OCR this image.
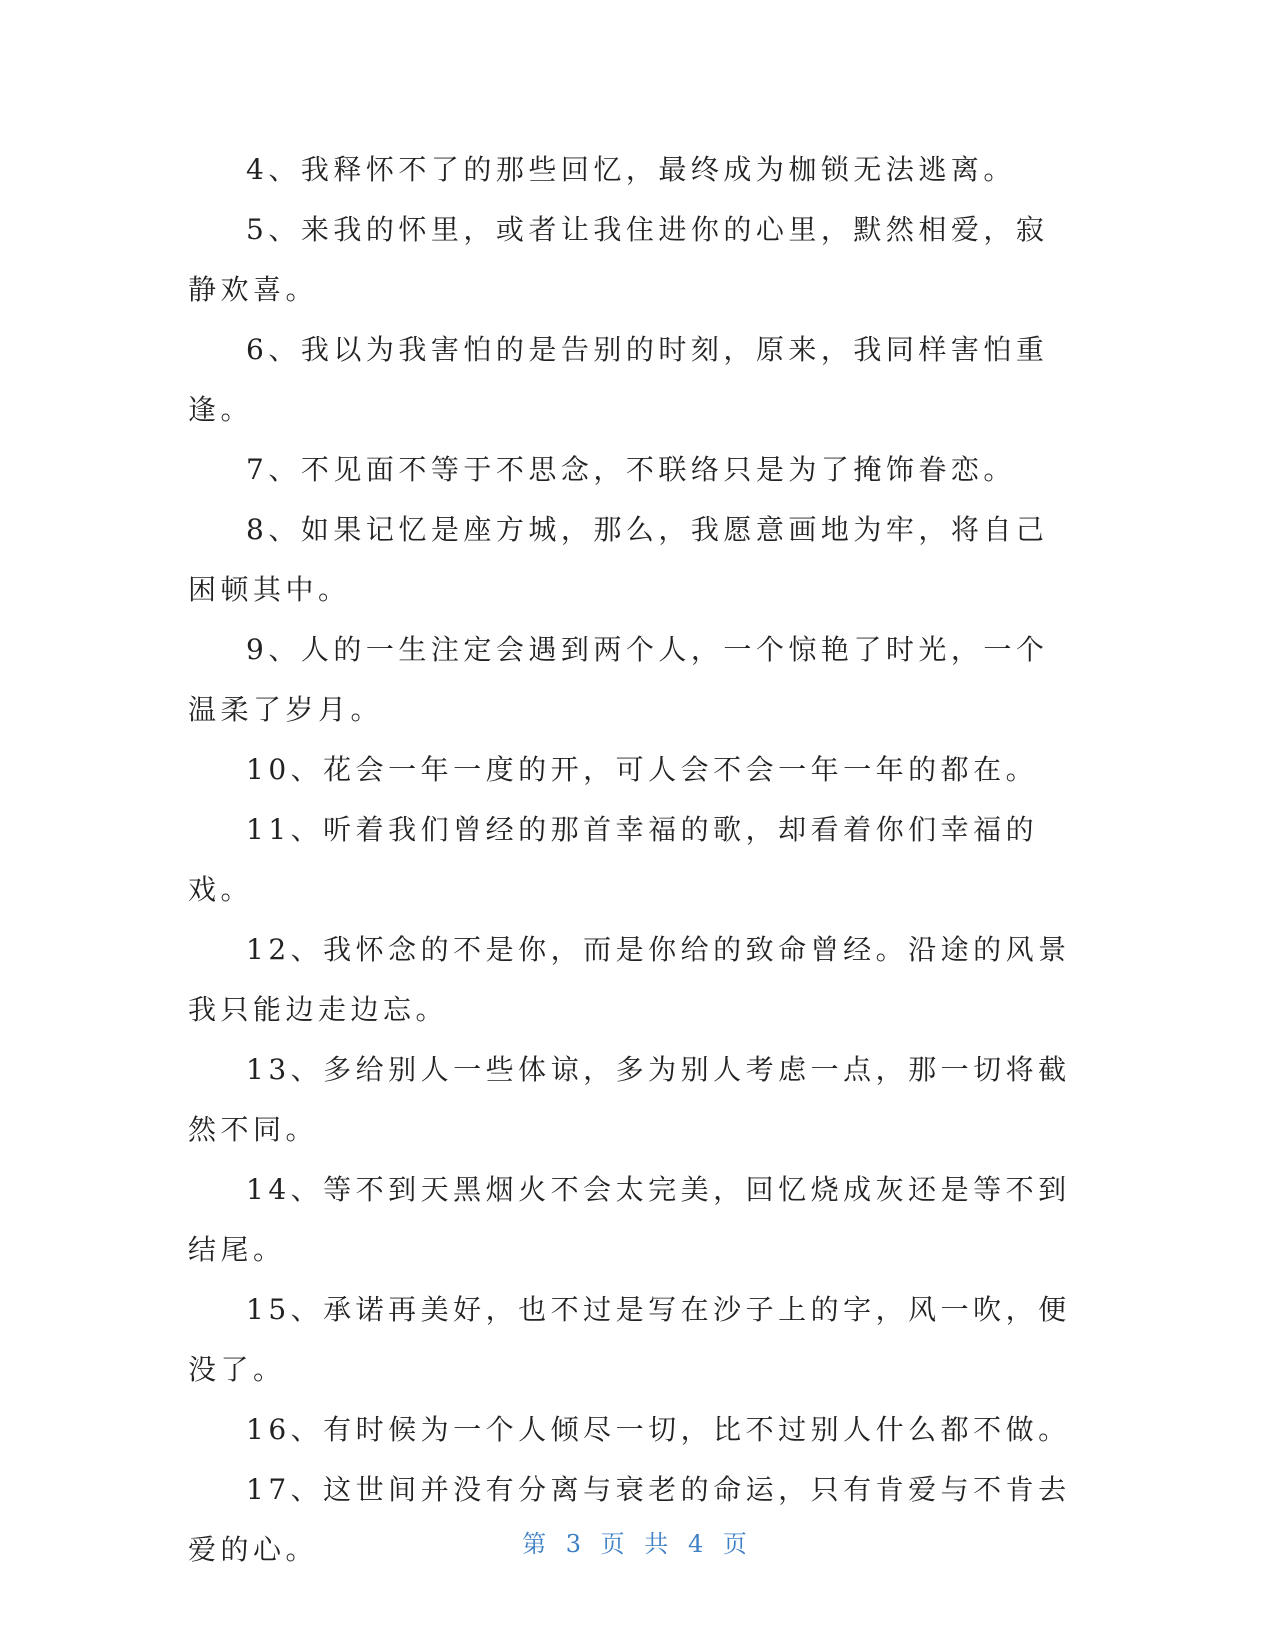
4、我释怀不了的那些回忆，最终成为枷锁无法逃离。

5、来我的怀里，或者让我住进你的心里，默然相爱，寂静欢喜。

6、我以为我害怕的是告别的时刻，原来，我同样害怕重逢。

7、不见面不等于不思念，不联络只是为了掩饰眷恋。

8、如果记忆是座方城，那么，我愿意画地为牢，将自己困顿其中。

9、人的一生注定会遇到两个人，一个惊艳了时光，一个温柔了岁月。

10、花会一年一度的开，可人会不会一年一年的都在。

11、听着我们曾经的那首幸福的歌，却看着你们幸福的戏。

12、我怀念的不是你，而是你给的致命曾经。沿途的风景我只能边走边忘。

13、多给别人一些体谅，多为别人考虑一点，那一切将截然不同。

14、等不到天黑烟火不会太完美，回忆烧成灰还是等不到结尾。

15、承诺再美好，也不过是写在沙子上的字，风一吹，便没了。

16、有时候为一个人倾尽一切，比不过别人什么都不做。

17、这世间并没有分离与衰老的命运，只有肯爱与不肯去爱的心。	第 3 页 共 4 页
